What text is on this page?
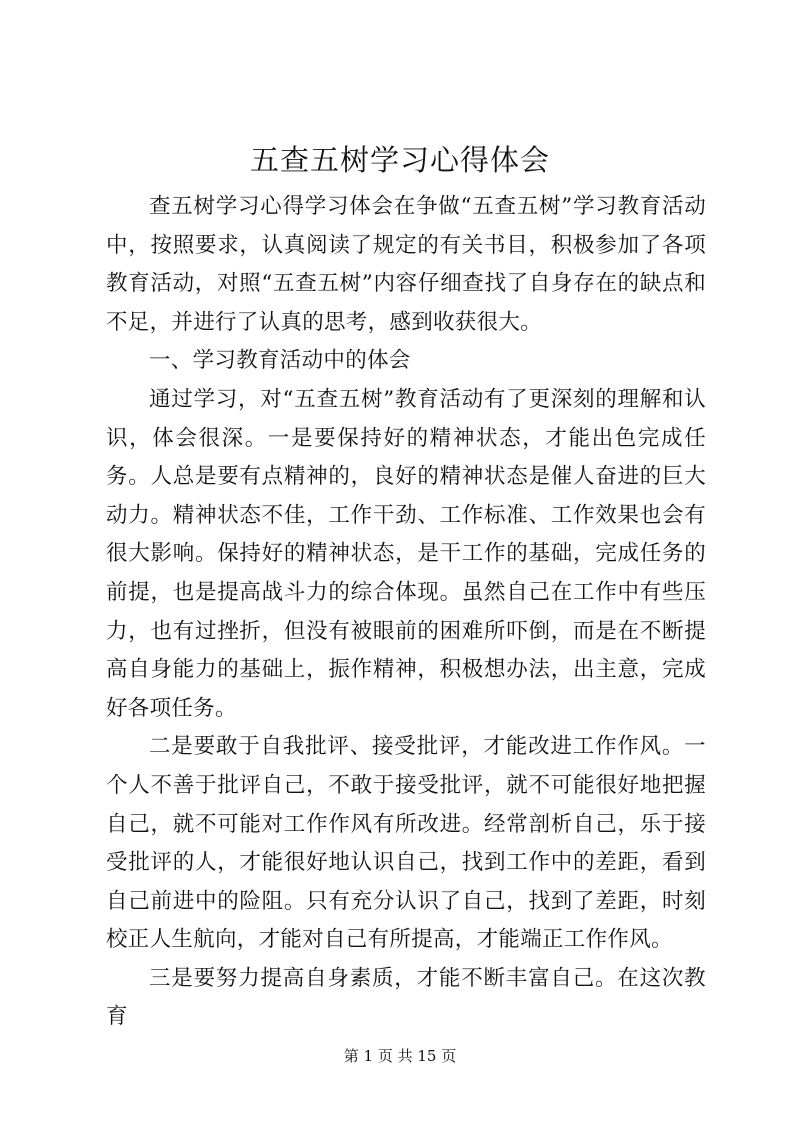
五查五树学习心得体会

查五树学习心得学习体会在争做“五查五树”学习教育活动中，按照要求，认真阅读了规定的有关书目，积极参加了各项教育活动，对照“五查五树”内容仔细查找了自身存在的缺点和不足，并进行了认真的思考，感到收获很大。

一、学习教育活动中的体会

通过学习，对“五查五树”教育活动有了更深刻的理解和认识，体会很深。一是要保持好的精神状态，才能出色完成任务。人总是要有点精神的，良好的精神状态是催人奋进的巨大动力。精神状态不佳，工作干劲、工作标准、工作效果也会有很大影响。保持好的精神状态，是干工作的基础，完成任务的前提，也是提高战斗力的综合体现。虽然自己在工作中有些压力，也有过挫折，但没有被眼前的困难所吓倒，而是在不断提高自身能力的基础上，振作精神，积极想办法，出主意，完成好各项任务。

二是要敢于自我批评、接受批评，才能改进工作作风。一个人不善于批评自己，不敢于接受批评，就不可能很好地把握自己，就不可能对工作作风有所改进。经常剖析自己，乐于接受批评的人，才能很好地认识自己，找到工作中的差距，看到自己前进中的险阻。只有充分认识了自己，找到了差距，时刻校正人生航向，才能对自己有所提高，才能端正工作作风。

三是要努力提高自身素质，才能不断丰富自己。在这次教育

第 1 页 共 15 页
